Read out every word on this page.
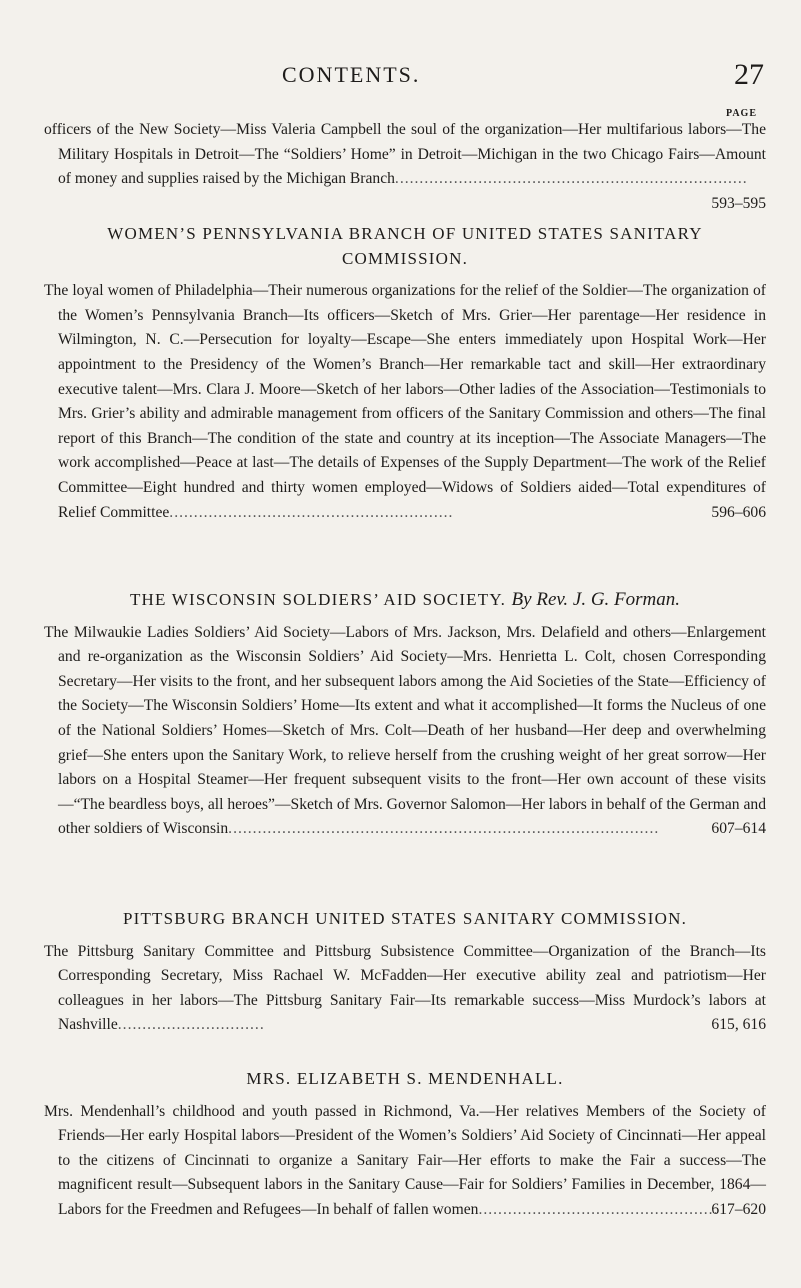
CONTENTS.	27
PAGE
officers of the New Society—Miss Valeria Campbell the soul of the organization—Her multifarious labors—The Military Hospitals in Detroit—The “Soldiers’ Home” in Detroit—Michigan in the two Chicago Fairs—Amount of money and supplies raised by the Michigan Branch........................................................................
593–595
WOMEN’S PENNSYLVANIA BRANCH OF UNITED STATES SANITARY COMMISSION.
The loyal women of Philadelphia—Their numerous organizations for the relief of the Soldier—The organization of the Women’s Pennsylvania Branch—Its officers—Sketch of Mrs. Grier—Her parentage—Her residence in Wilmington, N. C.—Persecution for loyalty—Escape—She enters immediately upon Hospital Work—Her appointment to the Presidency of the Women’s Branch—Her remarkable tact and skill—Her extraordinary executive talent—Mrs. Clara J. Moore—Sketch of her labors—Other ladies of the Association—Testimonials to Mrs. Grier’s ability and admirable management from officers of the Sanitary Commission and others—The final report of this Branch—The condition of the state and country at its inception—The Associate Managers—The work accomplished—Peace at last—The details of Expenses of the Supply Department—The work of the Relief Committee—Eight hundred and thirty women employed—Widows of Soldiers aided—Total expenditures of Relief Committee..........................................................	596–606
THE WISCONSIN SOLDIERS’ AID SOCIETY. By Rev. J. G. Forman.
The Milwaukie Ladies Soldiers’ Aid Society—Labors of Mrs. Jackson, Mrs. Delafield and others—Enlargement and re-organization as the Wisconsin Soldiers’ Aid Society—Mrs. Henrietta L. Colt, chosen Corresponding Secretary—Her visits to the front, and her subsequent labors among the Aid Societies of the State—Efficiency of the Society—The Wisconsin Soldiers’ Home—Its extent and what it accomplished—It forms the Nucleus of one of the National Soldiers’ Homes—Sketch of Mrs. Colt—Death of her husband—Her deep and overwhelming grief—She enters upon the Sanitary Work, to relieve herself from the crushing weight of her great sorrow—Her labors on a Hospital Steamer—Her frequent subsequent visits to the front—Her own account of these visits—“The beardless boys, all heroes”—Sketch of Mrs. Governor Salomon—Her labors in behalf of the German and other soldiers of Wisconsin........................................................................................	607–614
PITTSBURG BRANCH UNITED STATES SANITARY COMMISSION.
The Pittsburg Sanitary Committee and Pittsburg Subsistence Committee—Organization of the Branch—Its Corresponding Secretary, Miss Rachael W. McFadden—Her executive ability zeal and patriotism—Her colleagues in her labors—The Pittsburg Sanitary Fair—Its remarkable success—Miss Murdock’s labors at Nashville..............................	615, 616
MRS. ELIZABETH S. MENDENHALL.
Mrs. Mendenhall’s childhood and youth passed in Richmond, Va.—Her relatives Members of the Society of Friends—Her early Hospital labors—President of the Women’s Soldiers’ Aid Society of Cincinnati—Her appeal to the citizens of Cincinnati to organize a Sanitary Fair—Her efforts to make the Fair a success—The magnificent result—Subsequent labors in the Sanitary Cause—Fair for Soldiers’ Families in December, 1864—Labors for the Freedmen and Refugees—In behalf of fallen women.................................................
617–620
